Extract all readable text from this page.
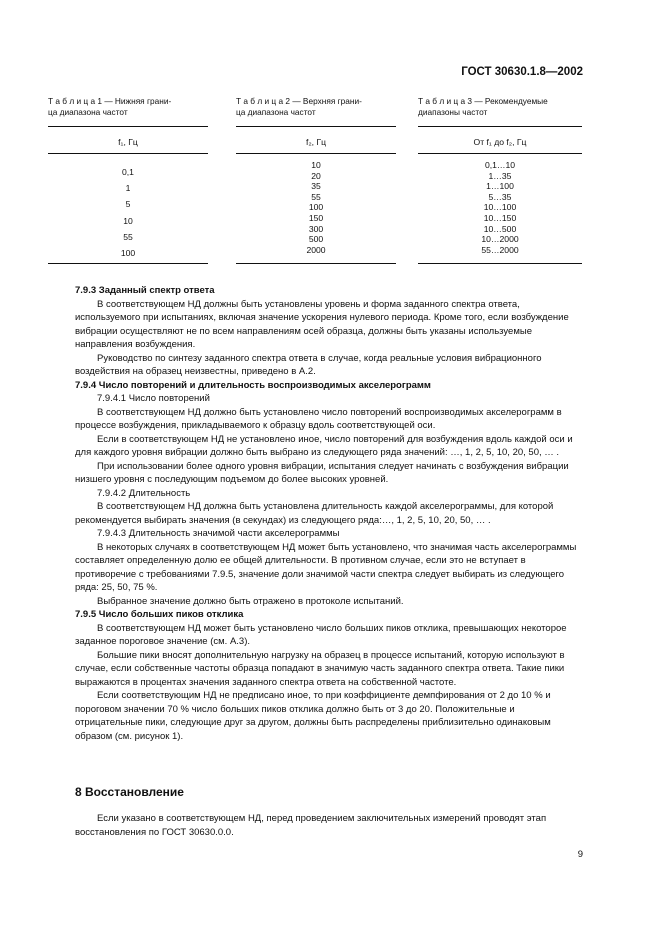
ГОСТ 30630.1.8—2002
Т а б л и ц а 1 — Нижняя грани-
ца диапазона частот
f₁, Гц
0,1
1
5
10
55
100
Т а б л и ц а 2 — Верхняя грани-
ца диапазона частот
f₂, Гц
10
20
35
55
100
150
300
500
2000
Т а б л и ц а 3 — Рекомендуемые
диапазоны частот
От f₁ до f₂, Гц
0,1…10
1…35
1…100
5…35
10…100
10…150
10…500
10…2000
55…2000

7.9.3 Заданный спектр ответа

В соответствующем НД должны быть установлены уровень и форма заданного спектра ответа, используемого при испытаниях, включая значение ускорения нулевого периода. Кроме того, если возбуждение вибрации осуществляют не по всем направлениям осей образца, должны быть указаны используемые направления возбуждения.

Руководство по синтезу заданного спектра ответа в случае, когда реальные условия вибрационного воздействия на образец неизвестны, приведено в А.2.

7.9.4 Число повторений и длительность воспроизводимых акселерограмм

7.9.4.1 Число повторений

В соответствующем НД должно быть установлено число повторений воспроизводимых акселерограмм в процессе возбуждения, прикладываемого к образцу вдоль соответствующей оси.

Если в соответствующем НД не установлено иное, число повторений для возбуждения вдоль каждой оси и для каждого уровня вибрации должно быть выбрано из следующего ряда значений: …, 1, 2, 5, 10, 20, 50, … .

При использовании более одного уровня вибрации, испытания следует начинать с возбуждения вибрации низшего уровня с последующим подъемом до более высоких уровней.

7.9.4.2 Длительность

В соответствующем НД должна быть установлена длительность каждой акселерограммы, для которой рекомендуется выбирать значения (в секундах) из следующего ряда:…, 1, 2, 5, 10, 20, 50, … .

7.9.4.3 Длительность значимой части акселерограммы

В некоторых случаях в соответствующем НД может быть установлено, что значимая часть акселерограммы составляет определенную долю ее общей длительности. В противном случае, если это не вступает в противоречие с требованиями 7.9.5, значение доли значимой части спектра следует выбирать из следующего ряда: 25, 50, 75 %.

Выбранное значение должно быть отражено в протоколе испытаний.

7.9.5 Число больших пиков отклика

В соответствующем НД может быть установлено число больших пиков отклика, превышающих некоторое заданное пороговое значение (см. А.3).

Большие пики вносят дополнительную нагрузку на образец в процессе испытаний, которую используют в случае, если собственные частоты образца попадают в значимую часть заданного спектра ответа. Такие пики выражаются в процентах значения заданного спектра ответа на собственной частоте.

Если соответствующим НД не предписано иное, то при коэффициенте демпфирования от 2 до 10 % и пороговом значении 70 % число больших пиков отклика должно быть от 3 до 20. Положительные и отрицательные пики, следующие друг за другом, должны быть распределены приблизительно одинаковым образом (см. рисунок 1).

8 Восстановление

Если указано в соответствующем НД, перед проведением заключительных измерений проводят этап восстановления по ГОСТ 30630.0.0.

9
